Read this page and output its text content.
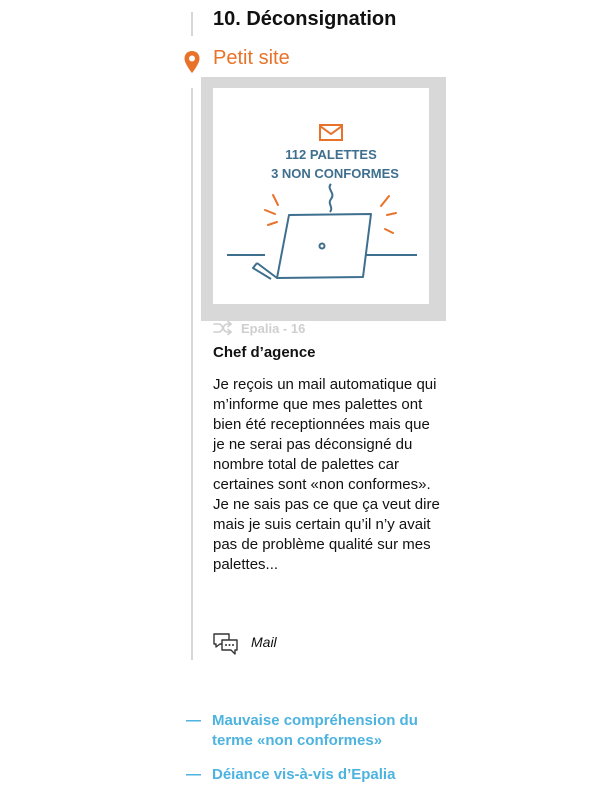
10. Déconsignation
Petit site
112 PALETTES
3 NON CONFORMES
Epalia - 16
Chef d’agence
Je reçois un mail automatique qui m’informe que mes palettes ont bien été receptionnées mais que je ne serai pas déconsigné du nombre total de palettes car certaines sont «non conformes». Je ne sais pas ce que ça veut dire mais je suis certain qu’il n’y avait pas de problème qualité sur mes palettes...
Mail
— Mauvaise compréhension du terme «non conformes»
— Déiance vis-à-vis d’Epalia
